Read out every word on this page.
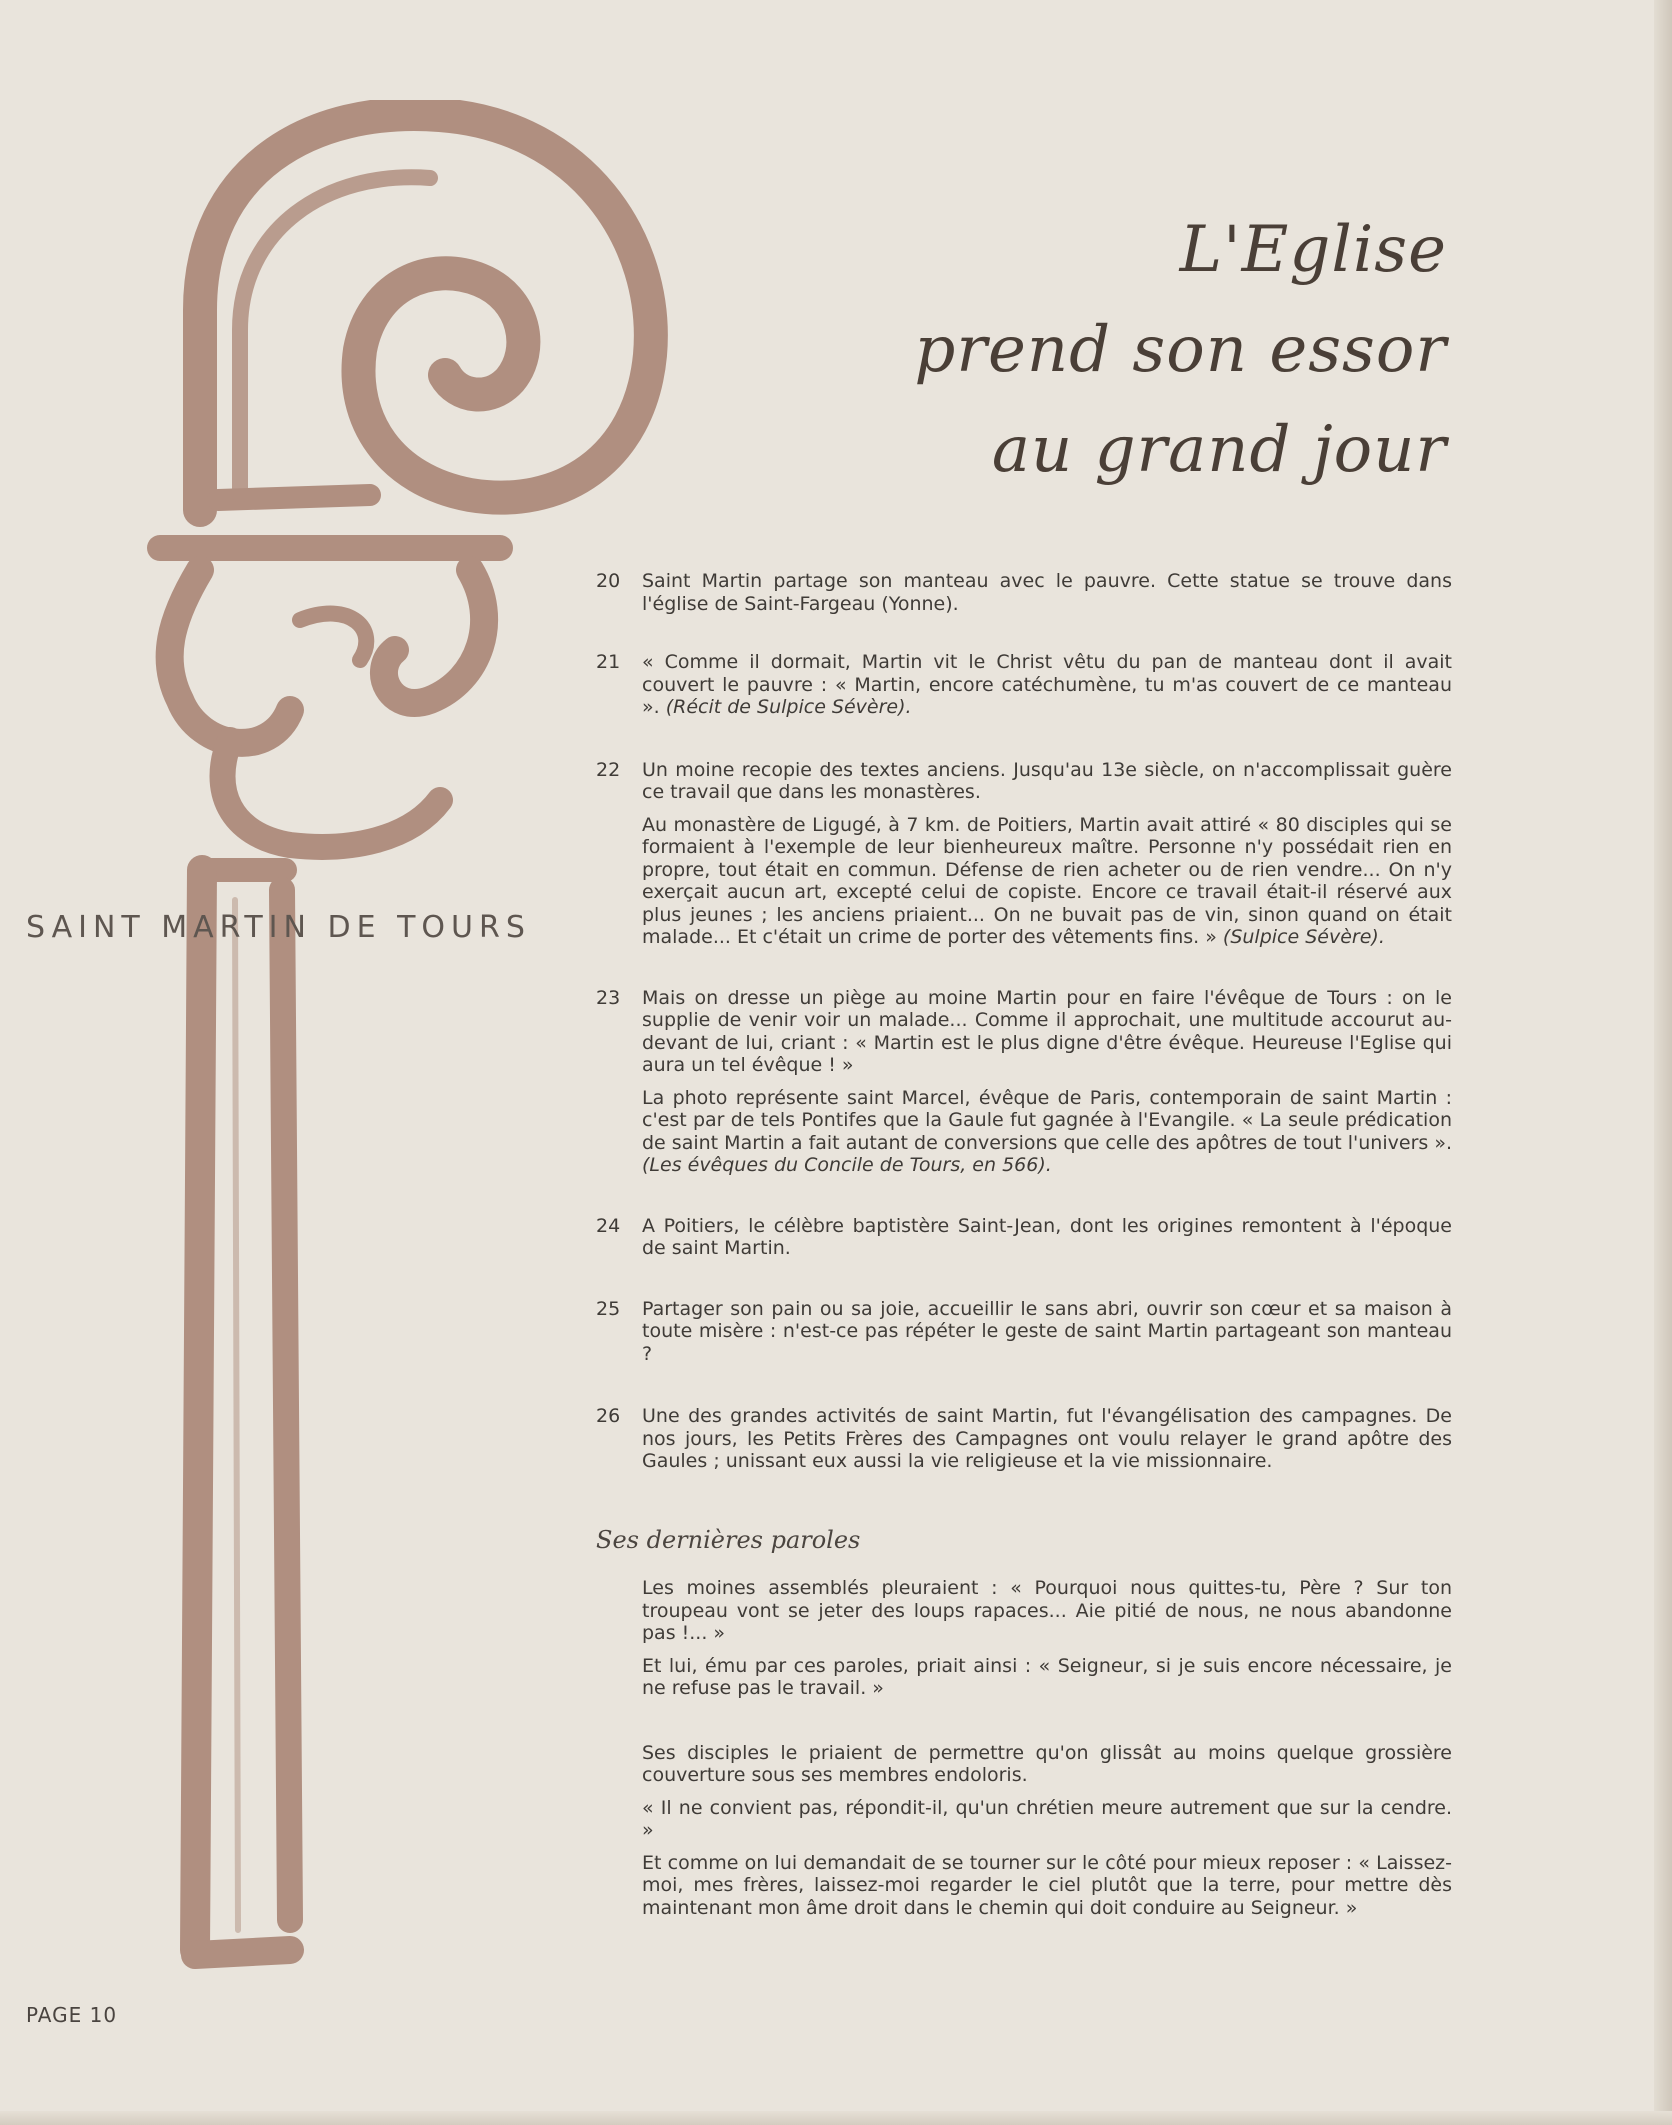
L'Eglise
prend son essor
au grand jour
SAINT MARTIN DE TOURS
20 Saint Martin partage son manteau avec le pauvre. Cette statue se trouve dans l'église de Saint-Fargeau (Yonne).

21 « Comme il dormait, Martin vit le Christ vêtu du pan de manteau dont il avait couvert le pauvre : « Martin, encore catéchumène, tu m'as couvert de ce manteau ». (Récit de Sulpice Sévère).

22 Un moine recopie des textes anciens. Jusqu'au 13e siècle, on n'accomplissait guère ce travail que dans les monastères.

Au monastère de Ligugé, à 7 km. de Poitiers, Martin avait attiré « 80 disciples qui se formaient à l'exemple de leur bienheureux maître. Personne n'y possédait rien en propre, tout était en commun. Défense de rien acheter ou de rien vendre... On n'y exerçait aucun art, excepté celui de copiste. Encore ce travail était-il réservé aux plus jeunes ; les anciens priaient... On ne buvait pas de vin, sinon quand on était malade... Et c'était un crime de porter des vêtements fins. » (Sulpice Sévère).

23 Mais on dresse un piège au moine Martin pour en faire l'évêque de Tours : on le supplie de venir voir un malade... Comme il approchait, une multitude accourut au-devant de lui, criant : « Martin est le plus digne d'être évêque. Heureuse l'Eglise qui aura un tel évêque ! »

La photo représente saint Marcel, évêque de Paris, contemporain de saint Martin : c'est par de tels Pontifes que la Gaule fut gagnée à l'Evangile. « La seule prédication de saint Martin a fait autant de conversions que celle des apôtres de tout l'univers ». (Les évêques du Concile de Tours, en 566).

24 A Poitiers, le célèbre baptistère Saint-Jean, dont les origines remontent à l'époque de saint Martin.

25 Partager son pain ou sa joie, accueillir le sans abri, ouvrir son cœur et sa maison à toute misère : n'est-ce pas répéter le geste de saint Martin partageant son manteau ?

26 Une des grandes activités de saint Martin, fut l'évangélisation des campagnes. De nos jours, les Petits Frères des Campagnes ont voulu relayer le grand apôtre des Gaules ; unissant eux aussi la vie religieuse et la vie missionnaire.

Ses dernières paroles

Les moines assemblés pleuraient : « Pourquoi nous quittes-tu, Père ? Sur ton troupeau vont se jeter des loups rapaces... Aie pitié de nous, ne nous abandonne pas !... »

Et lui, ému par ces paroles, priait ainsi : « Seigneur, si je suis encore nécessaire, je ne refuse pas le travail. »

Ses disciples le priaient de permettre qu'on glissât au moins quelque grossière couverture sous ses membres endoloris.

« Il ne convient pas, répondit-il, qu'un chrétien meure autrement que sur la cendre. »

Et comme on lui demandait de se tourner sur le côté pour mieux reposer : « Laissez-moi, mes frères, laissez-moi regarder le ciel plutôt que la terre, pour mettre dès maintenant mon âme droit dans le chemin qui doit conduire au Seigneur. »

PAGE 10
